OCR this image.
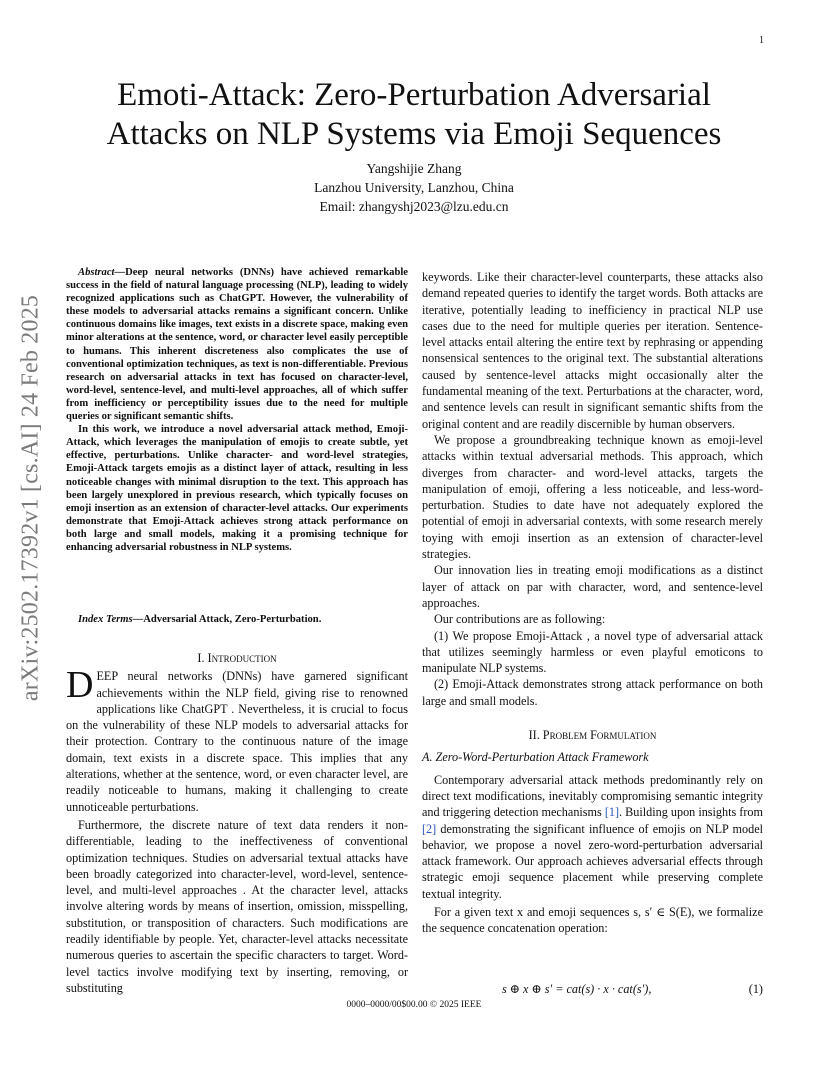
1
arXiv:2502.17392v1 [cs.AI] 24 Feb 2025
Emoti-Attack: Zero-Perturbation Adversarial
Attacks on NLP Systems via Emoji Sequences
Yangshijie Zhang
Lanzhou University, Lanzhou, China
Email: zhangyshj2023@lzu.edu.cn

Abstract—Deep neural networks (DNNs) have achieved remarkable success in the field of natural language processing (NLP), leading to widely recognized applications such as ChatGPT. However, the vulnerability of these models to adversarial attacks remains a significant concern. Unlike continuous domains like images, text exists in a discrete space, making even minor alterations at the sentence, word, or character level easily perceptible to humans. This inherent discreteness also complicates the use of conventional optimization techniques, as text is non-differentiable. Previous research on adversarial attacks in text has focused on character-level, word-level, sentence-level, and multi-level approaches, all of which suffer from inefficiency or perceptibility issues due to the need for multiple queries or significant semantic shifts.

In this work, we introduce a novel adversarial attack method, Emoji-Attack, which leverages the manipulation of emojis to create subtle, yet effective, perturbations. Unlike character- and word-level strategies, Emoji-Attack targets emojis as a distinct layer of attack, resulting in less noticeable changes with minimal disruption to the text. This approach has been largely unexplored in previous research, which typically focuses on emoji insertion as an extension of character-level attacks. Our experiments demonstrate that Emoji-Attack achieves strong attack performance on both large and small models, making it a promising technique for enhancing adversarial robustness in NLP systems.

Index Terms—Adversarial Attack, Zero-Perturbation.

I. Introduction

DEEP neural networks (DNNs) have garnered significant achievements within the NLP field, giving rise to renowned applications like ChatGPT . Nevertheless, it is crucial to focus on the vulnerability of these NLP models to adversarial attacks for their protection. Contrary to the continuous nature of the image domain, text exists in a discrete space. This implies that any alterations, whether at the sentence, word, or even character level, are readily noticeable to humans, making it challenging to create unnoticeable perturbations.

Furthermore, the discrete nature of text data renders it non-differentiable, leading to the ineffectiveness of conventional optimization techniques. Studies on adversarial textual attacks have been broadly categorized into character-level, word-level, sentence-level, and multi-level approaches . At the character level, attacks involve altering words by means of insertion, omission, misspelling, substitution, or transposition of characters. Such modifications are readily identifiable by people. Yet, character-level attacks necessitate numerous queries to ascertain the specific characters to target. Word-level tactics involve modifying text by inserting, removing, or substituting

keywords. Like their character-level counterparts, these attacks also demand repeated queries to identify the target words. Both attacks are iterative, potentially leading to inefficiency in practical NLP use cases due to the need for multiple queries per iteration. Sentence-level attacks entail altering the entire text by rephrasing or appending nonsensical sentences to the original text. The substantial alterations caused by sentence-level attacks might occasionally alter the fundamental meaning of the text. Perturbations at the character, word, and sentence levels can result in significant semantic shifts from the original content and are readily discernible by human observers.

We propose a groundbreaking technique known as emoji-level attacks within textual adversarial methods. This approach, which diverges from character- and word-level attacks, targets the manipulation of emoji, offering a less noticeable, and less-word-perturbation. Studies to date have not adequately explored the potential of emoji in adversarial contexts, with some research merely toying with emoji insertion as an extension of character-level strategies.

Our innovation lies in treating emoji modifications as a distinct layer of attack on par with character, word, and sentence-level approaches.

Our contributions are as following:

(1) We propose Emoji-Attack , a novel type of adversarial attack that utilizes seemingly harmless or even playful emoticons to manipulate NLP systems.

(2) Emoji-Attack demonstrates strong attack performance on both large and small models.

II. Problem Formulation

A. Zero-Word-Perturbation Attack Framework

Contemporary adversarial attack methods predominantly rely on direct text modifications, inevitably compromising semantic integrity and triggering detection mechanisms [1]. Building upon insights from [2] demonstrating the significant influence of emojis on NLP model behavior, we propose a novel zero-word-perturbation adversarial attack framework. Our approach achieves adversarial effects through strategic emoji sequence placement while preserving complete textual integrity.

For a given text x and emoji sequences s, s′ ∈ S(E), we formalize the sequence concatenation operation:

s ⊕ x ⊕ s′ = cat(s) · x · cat(s′),	(1)
0000–0000/00$00.00 © 2025 IEEE
